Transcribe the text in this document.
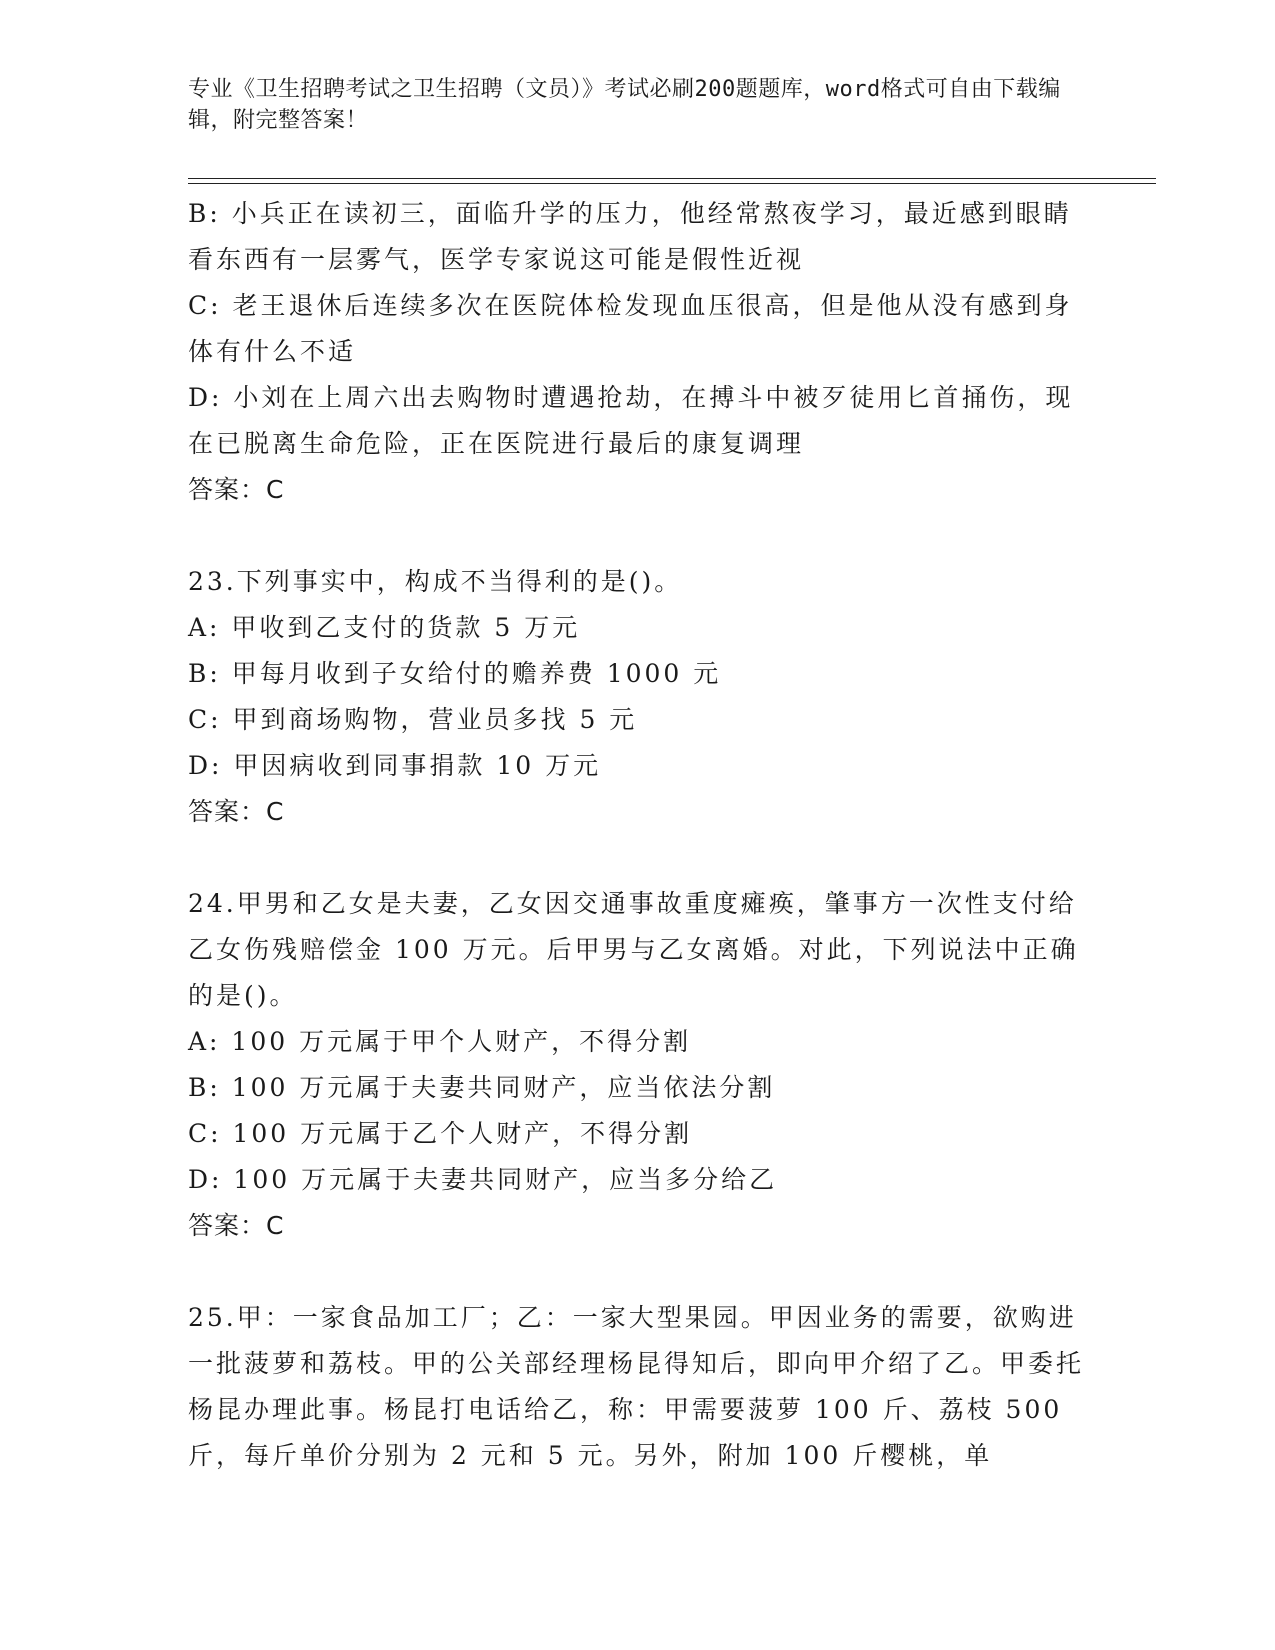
专业《卫生招聘考试之卫生招聘（文员）》考试必刷200题题库，word格式可自由下载编辑，附完整答案！

B: 小兵正在读初三，面临升学的压力，他经常熬夜学习，最近感到眼睛看东西有一层雾气，医学专家说这可能是假性近视

C: 老王退休后连续多次在医院体检发现血压很高，但是他从没有感到身体有什么不适

D: 小刘在上周六出去购物时遭遇抢劫，在搏斗中被歹徒用匕首捅伤，现在已脱离生命危险，正在医院进行最后的康复调理

答案：C

23.下列事实中，构成不当得利的是()。

A: 甲收到乙支付的货款 5 万元

B: 甲每月收到子女给付的赡养费 1000 元

C: 甲到商场购物，营业员多找 5 元

D: 甲因病收到同事捐款 10 万元

答案：C

24.甲男和乙女是夫妻，乙女因交通事故重度瘫痪，肇事方一次性支付给乙女伤残赔偿金 100 万元。后甲男与乙女离婚。对此，下列说法中正确的是()。

A: 100 万元属于甲个人财产，不得分割

B: 100 万元属于夫妻共同财产，应当依法分割

C: 100 万元属于乙个人财产，不得分割

D: 100 万元属于夫妻共同财产，应当多分给乙

答案：C

25.甲：一家食品加工厂；乙：一家大型果园。甲因业务的需要，欲购进一批菠萝和荔枝。甲的公关部经理杨昆得知后，即向甲介绍了乙。甲委托杨昆办理此事。杨昆打电话给乙，称：甲需要菠萝 100 斤、荔枝 500 斤，每斤单价分别为 2 元和 5 元。另外，附加 100 斤樱桃，单
